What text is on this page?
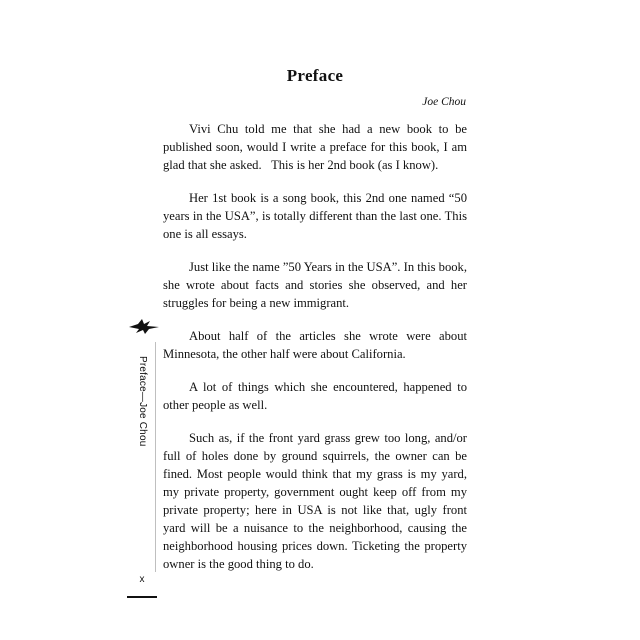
Preface
Joe Chou

Vivi Chu told me that she had a new book to be published soon, would I write a preface for this book, I am glad that she asked.   This is her 2nd book (as I know).

Her 1st book is a song book, this 2nd one named “50 years in the USA”, is totally different than the last one. This one is all essays.

Just like the name ”50 Years in the USA”. In this book, she wrote about facts and stories she observed, and her struggles for being a new immigrant.

About half of the articles she wrote were about Minnesota, the other half were about California.

A lot of things which she encountered, happened to other people as well.

Such as, if the front yard grass grew too long, and/or full of holes done by ground squirrels, the owner can be fined. Most people would think that my grass is my yard, my private property, government ought keep off from my private property; here in USA is not like that, ugly front yard will be a nuisance to the neighborhood, causing the neighborhood housing prices down. Ticketing the property owner is the good thing to do.

Preface—Joe Chou
x
